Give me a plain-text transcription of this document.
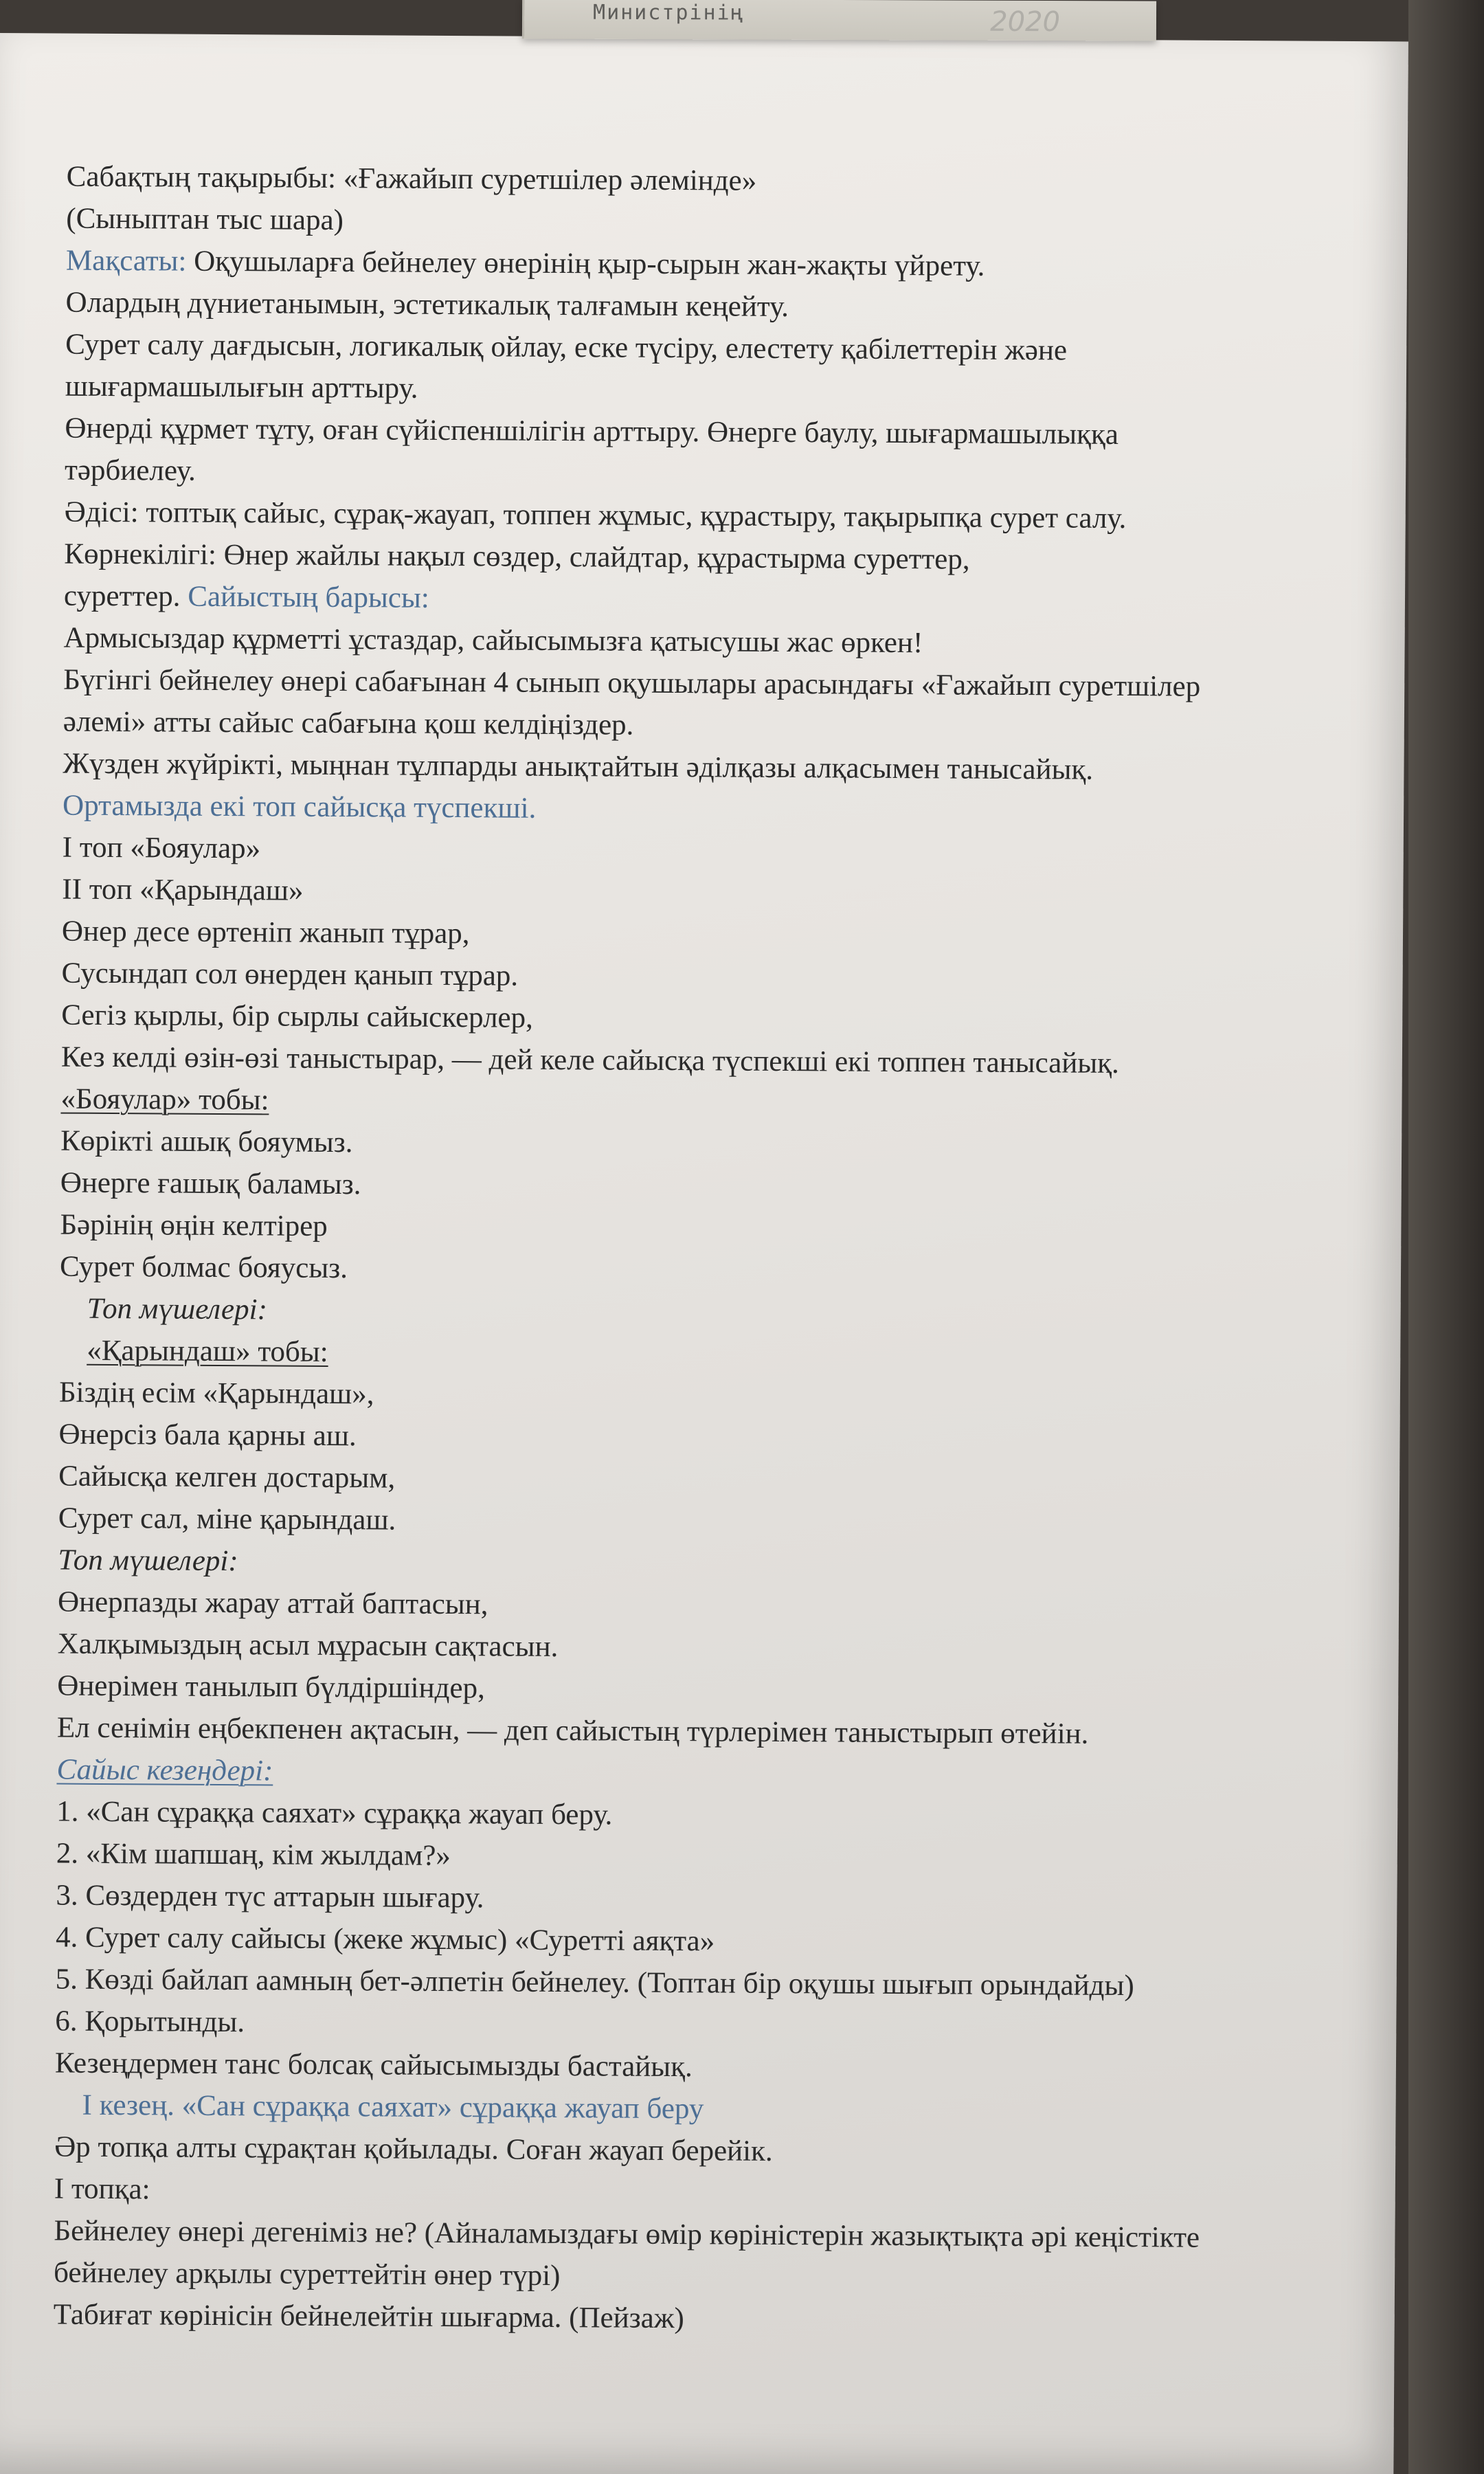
Сабақтың тақырыбы: «Ғажайып суретшілер әлемінде»
(Сыныптан тыс шара)
Мақсаты: Оқушыларға бейнелеу өнерінің қыр-сырын жан-жақты үйрету.
Олардың дүниетанымын, эстетикалық талғамын кеңейту.
Сурет салу дағдысын, логикалық ойлау, еске түсіру, елестету қабілеттерін және
шығармашылығын арттыру.
Өнерді құрмет тұту, оған сүйіспеншілігін арттыру. Өнерге баулу, шығармашылыққа
тәрбиелеу.
Әдісі: топтық сайыс, сұрақ-жауап, топпен жұмыс, құрастыру, тақырыпқа сурет салу.
Көрнекілігі: Өнер жайлы нақыл сөздер, слайдтар, құрастырма суреттер,
суреттер. Сайыстың барысы:
Армысыздар құрметті ұстаздар, сайысымызға қатысушы жас өркен!
Бүгінгі бейнелеу өнері сабағынан 4 сынып оқушылары арасындағы «Ғажайып суретшілер
әлемі» атты сайыс сабағына қош келдіңіздер.
Жүзден жүйрікті, мыңнан тұлпарды анықтайтын әділқазы алқасымен танысайық.
Ортамызда екі топ сайысқа түспекші.
І топ «Бояулар»
ІІ топ «Қарындаш»
Өнер десе өртеніп жанып тұрар,
Сусындап сол өнерден қанып тұрар.
Сегіз қырлы, бір сырлы сайыскерлер,
Кез келді өзін-өзі таныстырар, — дей келе сайысқа түспекші екі топпен танысайық.
«Бояулар» тобы:
Көрікті ашық бояумыз.
Өнерге ғашық баламыз.
Бәрінің өңін келтірер
Сурет болмас бояусыз.
Топ мүшелері:
«Қарындаш» тобы:
Біздің есім «Қарындаш»,
Өнерсіз бала қарны аш.
Сайысқа келген достарым,
Сурет сал, міне қарындаш.
Топ мүшелері:
Өнерпазды жарау аттай баптасын,
Халқымыздың асыл мұрасын сақтасын.
Өнерімен танылып бүлдіршіндер,
Ел сенімін еңбекпенен ақтасын, — деп сайыстың түрлерімен таныстырып өтейін.
Сайыс кезеңдері:
1. «Сан сұраққа саяхат» сұраққа жауап беру.
2. «Кім шапшаң, кім жылдам?»
3. Сөздерден түс аттарын шығару.
4. Сурет салу сайысы (жеке жұмыс) «Суретті аяқта»
5. Көзді байлап аамның бет-әлпетін бейнелеу. (Топтан бір оқушы шығып орындайды)
6. Қорытынды.
Кезеңдермен танс болсақ сайысымызды бастайық.
І кезең. «Сан сұраққа саяхат» сұраққа жауап беру
Әр топқа алты сұрақтан қойылады. Соған жауап берейік.
І топқа:
Бейнелеу өнері дегеніміз не? (Айналамыздағы өмір көріністерін жазықтықта әрі кеңістікте
бейнелеу арқылы суреттейтін өнер түрі)
Табиғат көрінісін бейнелейтін шығарма. (Пейзаж)
Министрінің	2020
